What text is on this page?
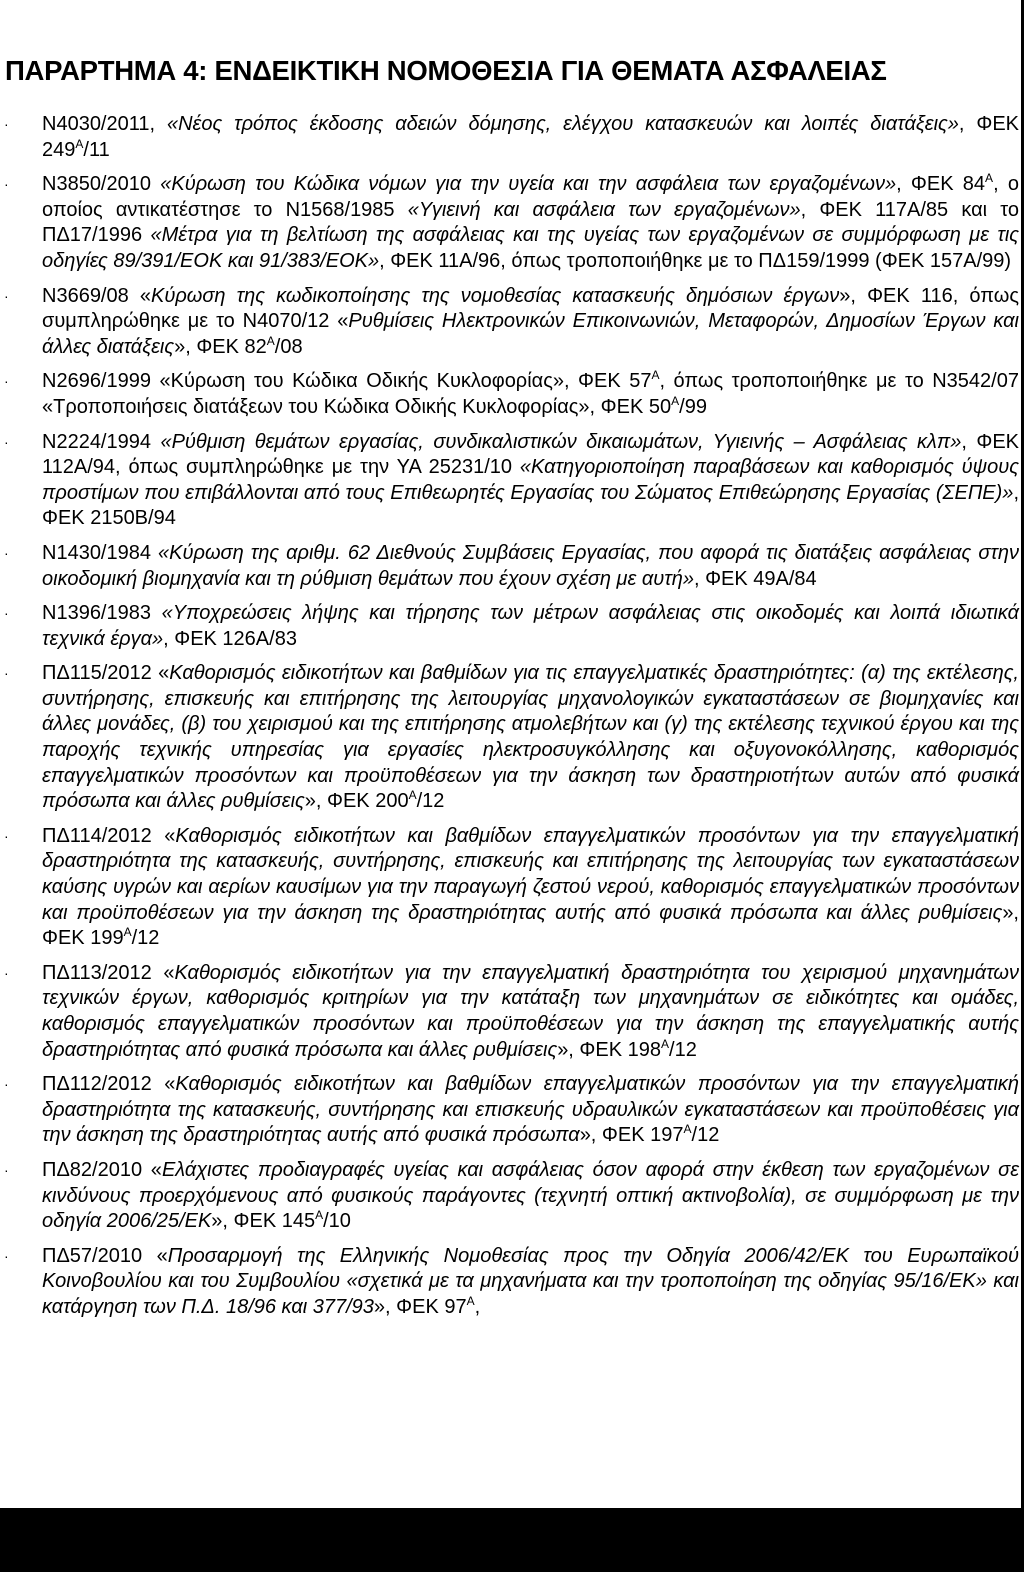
ΠΑΡΑΡΤΗΜΑ 4: ΕΝΔΕΙΚΤΙΚΗ ΝΟΜΟΘΕΣΙΑ ΓΙΑ ΘΕΜΑΤΑ ΑΣΦΑΛΕΙΑΣ
· N4030/2011, «Νέος τρόπος έκδοσης αδειών δόμησης, ελέγχου κατασκευών και λοιπές διατάξεις», ΦΕΚ $249^A/11$
· Ν3850/2010 «Κύρωση του Κώδικα νόμων για την υγεία και την ασφάλεια των εργαζομένων», ΦΕΚ $84^A$, ο οποίος αντικατέστησε το Ν1568/1985 «Υγιεινή και ασφάλεια των εργαζομένων», ΦΕΚ 117Α/85 και το ΠΔ17/1996 «Μέτρα για τη βελτίωση της ασφάλειας και της υγείας των εργαζομένων σε συμμόρφωση με τις οδηγίες 89/391/ΕΟΚ και 91/383/ΕΟΚ», ΦΕΚ 11Α/96, όπως τροποποιήθηκε με το ΠΔ159/1999 (ΦΕΚ 157Α/99)
· Ν3669/08 «Κύρωση της κωδικοποίησης της νομοθεσίας κατασκευής δημόσιων έργων», ΦΕΚ 116, όπως συμπληρώθηκε με το Ν4070/12 «Ρυθμίσεις Ηλεκτρονικών Επικοινωνιών, Μεταφορών, Δημοσίων Έργων και άλλες διατάξεις», ΦΕΚ $82^A/08$
· Ν2696/1999 «Κύρωση του Κώδικα Οδικής Κυκλοφορίας», ΦΕΚ $57^A$, όπως τροποποιήθηκε με το Ν3542/07 «Τροποποιήσεις διατάξεων του Κώδικα Οδικής Κυκλοφορίας», ΦΕΚ $50^A/99$
· Ν2224/1994 «Ρύθμιση θεμάτων εργασίας, συνδικαλιστικών δικαιωμάτων, Υγιεινής – Ασφάλειας κλπ», ΦΕΚ 112Α/94, όπως συμπληρώθηκε με την ΥΑ 25231/10 «Κατηγοριοποίηση παραβάσεων και καθορισμός ύψους προστίμων που επιβάλλονται από τους Επιθεωρητές Εργασίας του Σώματος Επιθεώρησης Εργασίας (ΣΕΠΕ)», ΦΕΚ 2150Β/94
· Ν1430/1984 «Κύρωση της αριθμ. 62 Διεθνούς Συμβάσεις Εργασίας, που αφορά τις διατάξεις ασφάλειας στην οικοδομική βιομηχανία και τη ρύθμιση θεμάτων που έχουν σχέση με αυτή», ΦΕΚ 49Α/84
· Ν1396/1983 «Υποχρεώσεις λήψης και τήρησης των μέτρων ασφάλειας στις οικοδομές και λοιπά ιδιωτικά τεχνικά έργα», ΦΕΚ 126Α/83
· ΠΔ115/2012 «Καθορισμός ειδικοτήτων και βαθμίδων για τις επαγγελματικές δραστηριότητες: (α) της εκτέλεσης, συντήρησης, επισκευής και επιτήρησης της λειτουργίας μηχανολογικών εγκαταστάσεων σε βιομηχανίες και άλλες μονάδες, (β) του χειρισμού και της επιτήρησης ατμολεβήτων και (γ) της εκτέλεσης τεχνικού έργου και της παροχής τεχνικής υπηρεσίας για εργασίες ηλεκτροσυγκόλλησης και οξυγονοκόλλησης, καθορισμός επαγγελματικών προσόντων και προϋποθέσεων για την άσκηση των δραστηριοτήτων αυτών από φυσικά πρόσωπα και άλλες ρυθμίσεις», ΦΕΚ $200^A/12$
· ΠΔ114/2012 «Καθορισμός ειδικοτήτων και βαθμίδων επαγγελματικών προσόντων για την επαγγελματική δραστηριότητα της κατασκευής, συντήρησης, επισκευής και επιτήρησης της λειτουργίας των εγκαταστάσεων καύσης υγρών και αερίων καυσίμων για την παραγωγή ζεστού νερού, καθορισμός επαγγελματικών προσόντων και προϋποθέσεων για την άσκηση της δραστηριότητας αυτής από φυσικά πρόσωπα και άλλες ρυθμίσεις», ΦΕΚ $199^A/12$
· ΠΔ113/2012 «Καθορισμός ειδικοτήτων για την επαγγελματική δραστηριότητα του χειρισμού μηχανημάτων τεχνικών έργων, καθορισμός κριτηρίων για την κατάταξη των μηχανημάτων σε ειδικότητες και ομάδες, καθορισμός επαγγελματικών προσόντων και προϋποθέσεων για την άσκηση της επαγγελματικής αυτής δραστηριότητας από φυσικά πρόσωπα και άλλες ρυθμίσεις», ΦΕΚ $198^A/12$
· ΠΔ112/2012 «Καθορισμός ειδικοτήτων και βαθμίδων επαγγελματικών προσόντων για την επαγγελματική δραστηριότητα της κατασκευής, συντήρησης και επισκευής υδραυλικών εγκαταστάσεων και προϋποθέσεις για την άσκηση της δραστηριότητας αυτής από φυσικά πρόσωπα», ΦΕΚ $197^A/12$
· ΠΔ82/2010 «Ελάχιστες προδιαγραφές υγείας και ασφάλειας όσον αφορά στην έκθεση των εργαζομένων σε κινδύνους προερχόμενους από φυσικούς παράγοντες (τεχνητή οπτική ακτινοβολία), σε συμμόρφωση με την οδηγία 2006/25/ΕΚ», ΦΕΚ $145^A/10$
· ΠΔ57/2010 «Προσαρμογή της Ελληνικής Νομοθεσίας προς την Οδηγία 2006/42/ΕΚ του Ευρωπαϊκού Κοινοβουλίου και του Συμβουλίου «σχετικά με τα μηχανήματα και την τροποποίηση της οδηγίας 95/16/ΕΚ» και κατάργηση των Π.Δ. 18/96 και 377/93», ΦΕΚ $97^A$,
